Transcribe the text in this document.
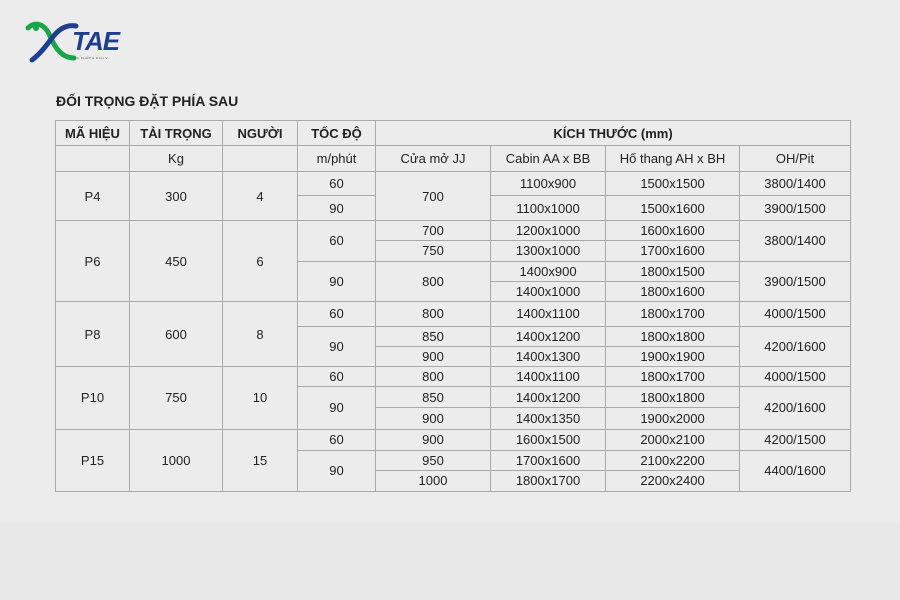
TAE
GII PHÁP & DCH V
ĐỐI TRỌNG ĐẶT PHÍA SAU
MÃ HIỆU	TẢI TRỌNG	NGƯỜI	TỐC ĐỘ	KÍCH THƯỚC (mm)			
	Kg		m/phút	Cửa mở JJ	Cabin AA x BB	Hố thang AH x BH	OH/Pit
P4	300	4	60	700	1100x900	1500x1500	3800/1400
			90		1100x1000	1500x1600	3900/1500
P6	450	6	60	700	1200x1000	1600x1600	3800/1400
				750	1300x1000	1700x1600	
			90	800	1400x900	1800x1500	3900/1500
					1400x1000	1800x1600	
P8	600	8	60	800	1400x1100	1800x1700	4000/1500
			90	850	1400x1200	1800x1800	4200/1600
				900	1400x1300	1900x1900	
P10	750	10	60	800	1400x1100	1800x1700	4000/1500
			90	850	1400x1200	1800x1800	4200/1600
				900	1400x1350	1900x2000	
P15	1000	15	60	900	1600x1500	2000x2100	4200/1500
			90	950	1700x1600	2100x2200	4400/1600
				1000	1800x1700	2200x2400	
